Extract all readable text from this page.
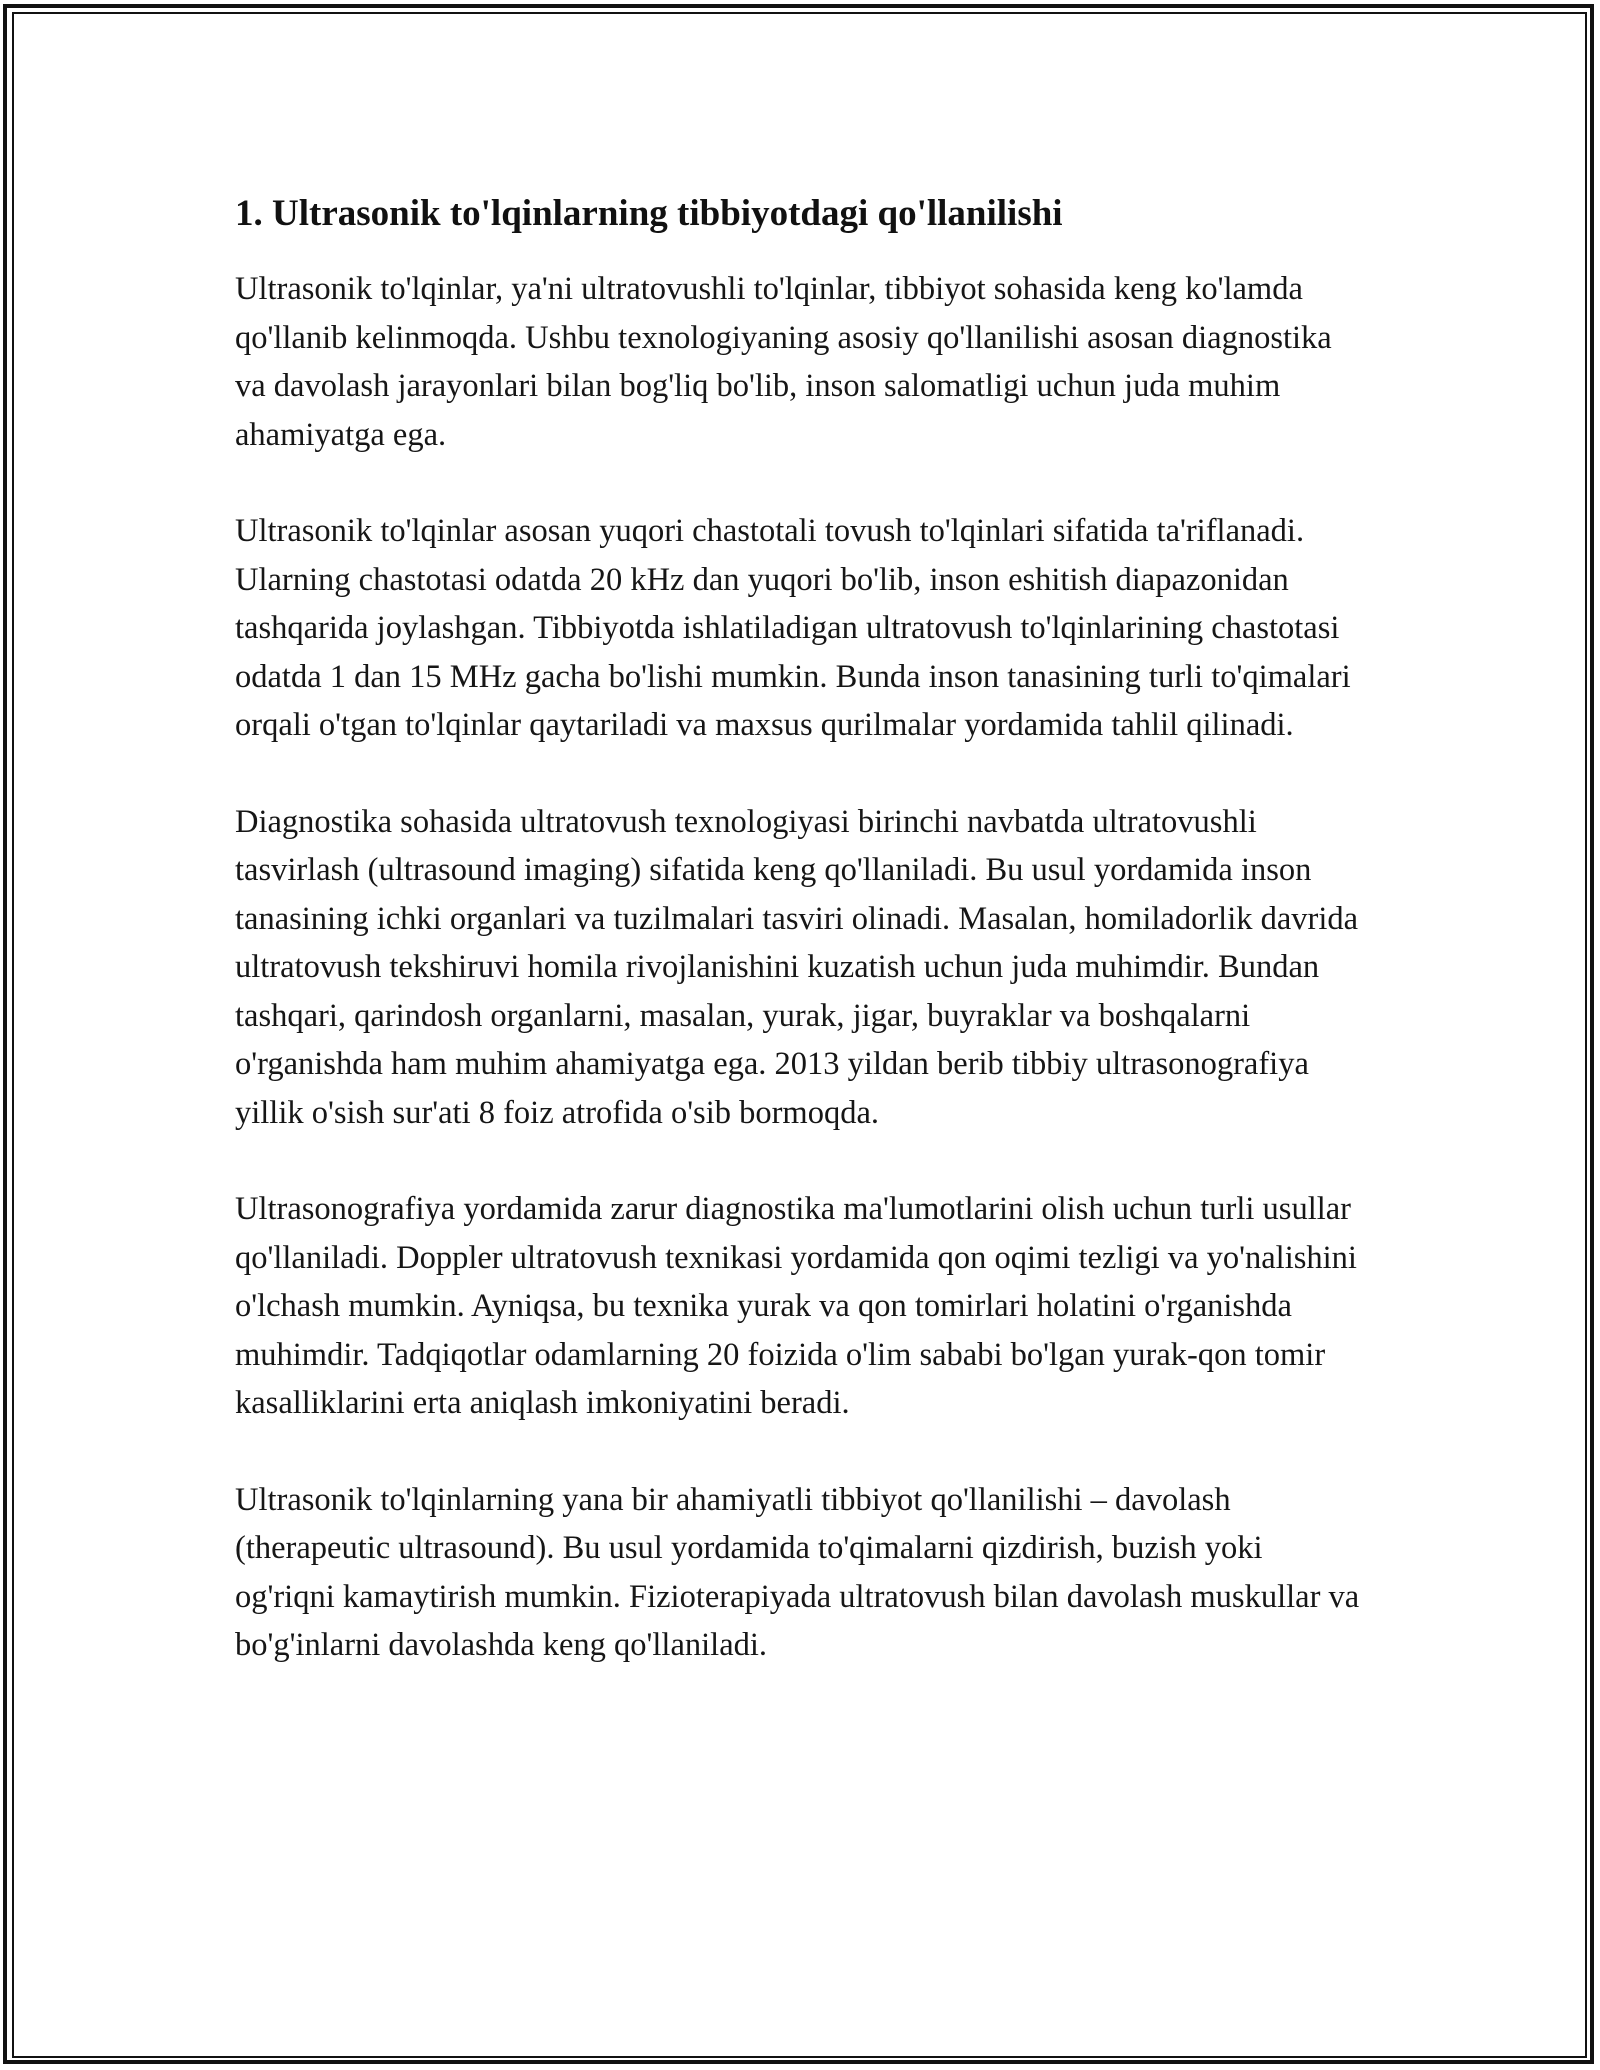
1. Ultrasonik to'lqinlarning tibbiyotdagi qo'llanilishi

Ultrasonik to'lqinlar, ya'ni ultratovushli to'lqinlar, tibbiyot sohasida keng ko'lamda qo'llanib kelinmoqda. Ushbu texnologiyaning asosiy qo'llanilishi asosan diagnostika va davolash jarayonlari bilan bog'liq bo'lib, inson salomatligi uchun juda muhim ahamiyatga ega.

Ultrasonik to'lqinlar asosan yuqori chastotali tovush to'lqinlari sifatida ta'riflanadi. Ularning chastotasi odatda 20 kHz dan yuqori bo'lib, inson eshitish diapazonidan tashqarida joylashgan. Tibbiyotda ishlatiladigan ultratovush to'lqinlarining chastotasi odatda 1 dan 15 MHz gacha bo'lishi mumkin. Bunda inson tanasining turli to'qimalari orqali o'tgan to'lqinlar qaytariladi va maxsus qurilmalar yordamida tahlil qilinadi.

Diagnostika sohasida ultratovush texnologiyasi birinchi navbatda ultratovushli tasvirlash (ultrasound imaging) sifatida keng qo'llaniladi. Bu usul yordamida inson tanasining ichki organlari va tuzilmalari tasviri olinadi. Masalan, homiladorlik davrida ultratovush tekshiruvi homila rivojlanishini kuzatish uchun juda muhimdir. Bundan tashqari, qarindosh organlarni, masalan, yurak, jigar, buyraklar va boshqalarni o'rganishda ham muhim ahamiyatga ega. 2013 yildan berib tibbiy ultrasonografiya yillik o'sish sur'ati 8 foiz atrofida o'sib bormoqda.

Ultrasonografiya yordamida zarur diagnostika ma'lumotlarini olish uchun turli usullar qo'llaniladi. Doppler ultratovush texnikasi yordamida qon oqimi tezligi va yo'nalishini o'lchash mumkin. Ayniqsa, bu texnika yurak va qon tomirlari holatini o'rganishda muhimdir. Tadqiqotlar odamlarning 20 foizida o'lim sababi bo'lgan yurak-qon tomir kasalliklarini erta aniqlash imkoniyatini beradi.

Ultrasonik to'lqinlarning yana bir ahamiyatli tibbiyot qo'llanilishi – davolash (therapeutic ultrasound). Bu usul yordamida to'qimalarni qizdirish, buzish yoki og'riqni kamaytirish mumkin. Fizioterapiyada ultratovush bilan davolash muskullar va bo'g'inlarni davolashda keng qo'llaniladi.
